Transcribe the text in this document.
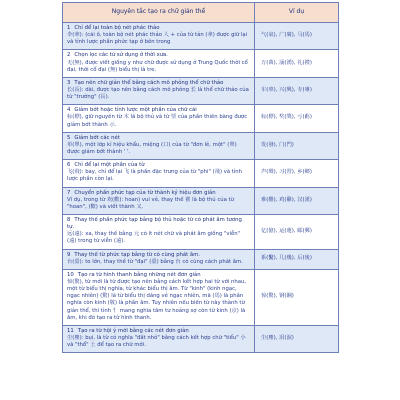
Nguyên tắc tạo ra chữ giản thể	Ví dụ

1 Chỉ để lại toàn bộ nét phác thảo
伞(傘): (cái ô, toàn bộ nét phác thảo 人 + của từ tản (傘) được giữ lại và tỉnh lược phần phức tạp ở bên trong	气(氣), 广(廣), 马(馬)

2 Chọn lọc các từ sử dụng ở thời xưa.
无(無), được viết giống y như chữ được sử dụng ở Trung Quốc thời cổ đại, thời cổ đại (無) biểu thị là tre.	万(萬), 涌(湧), 礼(禮)

3 Tạo nên chữ giản thể bằng cách mô phỏng thể chữ thảo
长(長): dài, được tạo nên bằng cách mô phỏng 长 là thể chữ thảo của từ "trường" (長).	车(車), 兴(興), 专(專)

4 Giảm bớt hoặc tỉnh lược một phần của chữ cái
标(標), giữ nguyên từ 木 là bộ thủ và từ 票 của phần thiên bàng được giảm bớt thành 示.	标(標), 奖(獎), 亏(虧)

5 Giảm bớt các nét
单(單), một lớp kỉ hiệu khẩu, miệng (口) của từ "đơn lẻ, một" (單) được giảm bớt thành ' '.	发(發), 门(門)

6 Chỉ để lại một phần của từ
飞(飛): bay, chỉ để lại 飞 là phần đặc trưng của từ "phi" (飛) và tỉnh lược phần còn lại.	声(聲), 习(習), 乡(鄉)

7 Chuyển phần phức tạp của từ thành ký hiệu đơn giản
Ví dụ, trong từ 欢(歡): hoan) vui vẻ, thay thế 雚 là bộ thủ của từ "hoan", (歡) và viết thành 又.	难(難), 鸡(雞), 汉(漢)

8 Thay thế phần phức tạp bằng bộ thủ hoặc từ có phát âm tương tự.
远(遠): xa, thay thế bằng 元 có ít nét chữ và phát âm giống "viễn" (遠) trong từ viễn (遠).	亿(億), 运(運), 邮(郵)

9 Thay thế từ phức tạp bằng từ có cùng phát âm.
台(臺): to lớn, thay thế từ "đại" (臺) bằng 台 có cùng cách phát âm.	系(繫), 几(幾), 后(後)

10 Tạo ra từ hình thanh bằng những nét đơn giản
惊(驚), từ mới là từ được tạo nên bằng cách kết hợp hai từ với nhau, một từ biểu thị nghĩa, từ khác biểu thị âm. Từ "kinh" (kinh ngạc, ngạc nhiên) (驚) là từ biểu thị dáng vẻ ngạc nhiên, mã (馬) là phần nghĩa còn kinh (敬) là phần âm. Tuy nhiên nếu biến từ này thành từ giản thể, thì tỉnh 忄 mang nghĩa tâm tư hoảng sợ còn từ kinh (京) là âm, khi đó tạo ra từ hình thanh.	惊(驚), 钢(鋼)

11 Tạo ra từ hội ý mới bằng các nét đơn giản
尘(塵): bụi, là từ có nghĩa "đất nhỏ" bằng cách kết hợp chữ "tiểu" 小 và "thổ" 土 để tạo ra chữ mới.	尘(塵), 泪(淚)
